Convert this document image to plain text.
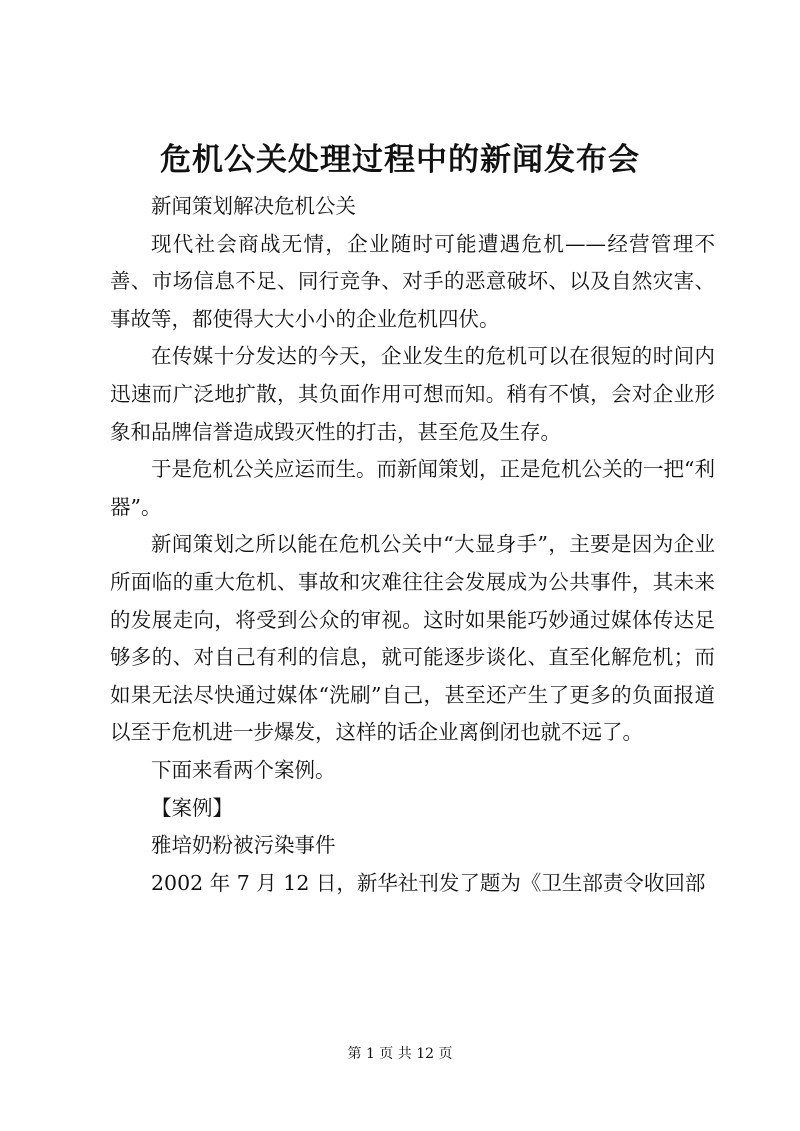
危机公关处理过程中的新闻发布会

新闻策划解决危机公关

现代社会商战无情，企业随时可能遭遇危机——经营管理不善、市场信息不足、同行竞争、对手的恶意破坏、以及自然灾害、事故等，都使得大大小小的企业危机四伏。

在传媒十分发达的今天，企业发生的危机可以在很短的时间内迅速而广泛地扩散，其负面作用可想而知。稍有不慎，会对企业形象和品牌信誉造成毁灭性的打击，甚至危及生存。

于是危机公关应运而生。而新闻策划，正是危机公关的一把“利器”。

新闻策划之所以能在危机公关中“大显身手”，主要是因为企业所面临的重大危机、事故和灾难往往会发展成为公共事件，其未来的发展走向，将受到公众的审视。这时如果能巧妙通过媒体传达足够多的、对自己有利的信息，就可能逐步谈化、直至化解危机；而如果无法尽快通过媒体“洗刷”自己，甚至还产生了更多的负面报道以至于危机进一步爆发，这样的话企业离倒闭也就不远了。

下面来看两个案例。

【案例】

雅培奶粉被污染事件

2002 年 7 月 12 日，新华社刊发了题为《卫生部责令收回部

第 1 页 共 12 页
